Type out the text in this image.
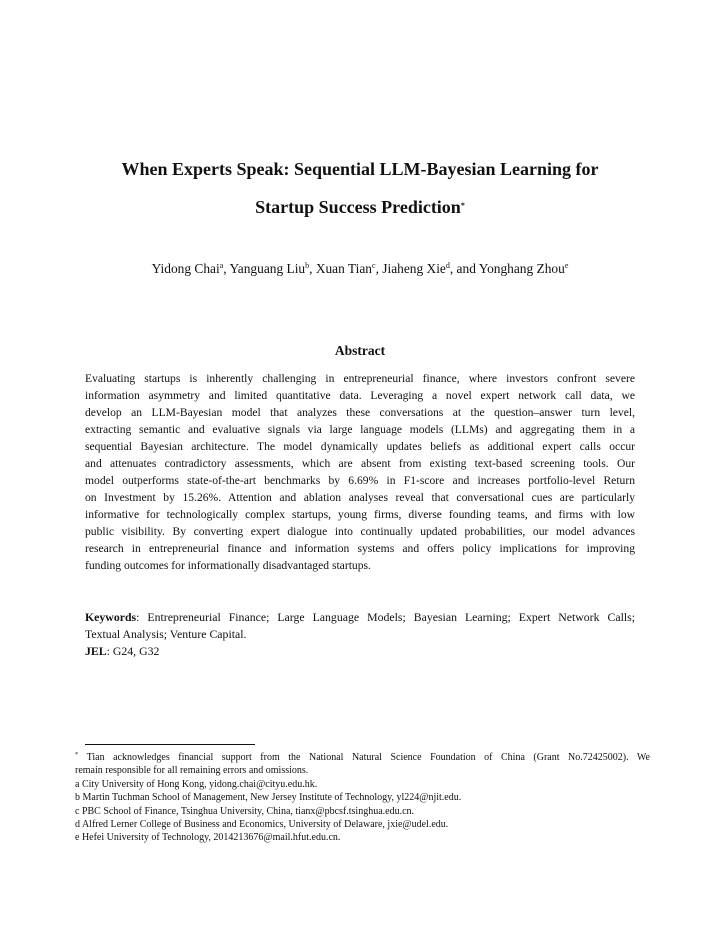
When Experts Speak: Sequential LLM-Bayesian Learning for
Startup Success Prediction*
Yidong Chai$^a$, Yanguang Liu$^b$, Xuan Tian$^c$, Jiaheng Xie$^d$, and Yonghang Zhou$^e$
Abstract
Evaluating startups is inherently challenging in entrepreneurial finance, where investors confront severe
information asymmetry and limited quantitative data. Leveraging a novel expert network call data, we
develop an LLM-Bayesian model that analyzes these conversations at the question–answer turn level,
extracting semantic and evaluative signals via large language models (LLMs) and aggregating them in a
sequential Bayesian architecture. The model dynamically updates beliefs as additional expert calls occur
and attenuates contradictory assessments, which are absent from existing text-based screening tools. Our
model outperforms state-of-the-art benchmarks by 6.69% in F1-score and increases portfolio-level Return
on Investment by 15.26%. Attention and ablation analyses reveal that conversational cues are particularly
informative for technologically complex startups, young firms, diverse founding teams, and firms with low
public visibility. By converting expert dialogue into continually updated probabilities, our model advances
research in entrepreneurial finance and information systems and offers policy implications for improving
funding outcomes for informationally disadvantaged startups.
Keywords: Entrepreneurial Finance; Large Language Models; Bayesian Learning; Expert Network Calls;
Textual Analysis; Venture Capital.
JEL: G24, G32
* Tian acknowledges financial support from the National Natural Science Foundation of China (Grant No.72425002). We
remain responsible for all remaining errors and omissions.
a City University of Hong Kong, yidong.chai@cityu.edu.hk.
b Martin Tuchman School of Management, New Jersey Institute of Technology, yl224@njit.edu.
c PBC School of Finance, Tsinghua University, China, tianx@pbcsf.tsinghua.edu.cn.
d Alfred Lerner College of Business and Economics, University of Delaware, jxie@udel.edu.
e Hefei University of Technology, 2014213676@mail.hfut.edu.cn.
